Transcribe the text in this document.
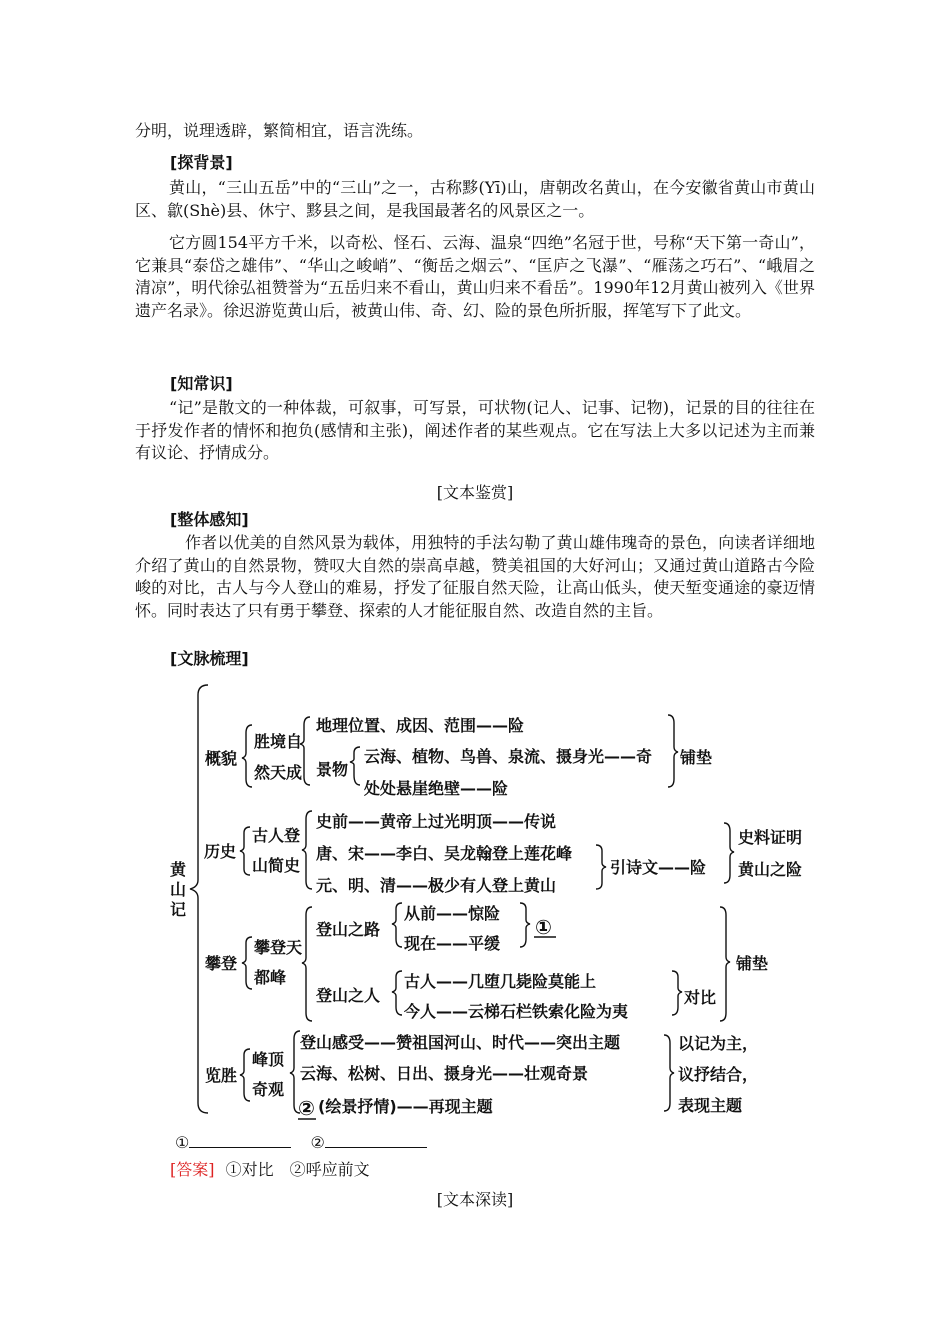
分明，说理透辟，繁简相宜，语言洗练。
[探背景]
黄山，“三山五岳”中的“三山”之一，古称黟(Yī)山，唐朝改名黄山，在今安徽省黄山市黄山区、歙(Shè)县、休宁、黟县之间，是我国最著名的风景区之一。
它方圆154平方千米，以奇松、怪石、云海、温泉“四绝”名冠于世，号称“天下第一奇山”，它兼具“泰岱之雄伟”、“华山之峻峭”、“衡岳之烟云”、“匡庐之飞瀑”、“雁荡之巧石”、“峨眉之清凉”，明代徐弘祖赞誉为“五岳归来不看山，黄山归来不看岳”。1990年12月黄山被列入《世界遗产名录》。徐迟游览黄山后，被黄山伟、奇、幻、险的景色所折服，挥笔写下了此文。
[知常识]
“记”是散文的一种体裁，可叙事，可写景，可状物(记人、记事、记物)，记景的目的往往在于抒发作者的情怀和抱负(感情和主张)，阐述作者的某些观点。它在写法上大多以记述为主而兼有议论、抒情成分。
[文本鉴赏]
[整体感知]
作者以优美的自然风景为载体，用独特的手法勾勒了黄山雄伟瑰奇的景色，向读者详细地介绍了黄山的自然景物，赞叹大自然的崇高卓越，赞美祖国的大好河山；又通过黄山道路古今险峻的对比，古人与今人登山的难易，抒发了征服自然天险，让高山低头，使天堑变通途的豪迈情怀。同时表达了只有勇于攀登、探索的人才能征服自然、改造自然的主旨。
[文脉梳理]
黄
山
记
概貌
胜境自
然天成
地理位置、成因、范围——险
景物
云海、植物、鸟兽、泉流、摄身光——奇
处处悬崖绝壁——险
铺垫
历史
古人登
山简史
史前——黄帝上过光明顶——传说
唐、宋——李白、吴龙翰登上莲花峰
元、明、清——极少有人登上黄山
引诗文——险
史料证明
黄山之险
攀登
攀登天
都峰
登山之路
从前——惊险
现在——平缓
①
登山之人
古人——几堕几毙险莫能上
今人——云梯石栏铁索化险为夷
对比
铺垫
览胜
峰顶
奇观
登山感受——赞祖国河山、时代——突出主题
云海、松树、日出、摄身光——壮观奇景
② (绘景抒情)——再现主题
以记为主，
议抒结合，
表现主题
①	②
[答案] ①对比　②呼应前文
[文本深读]
